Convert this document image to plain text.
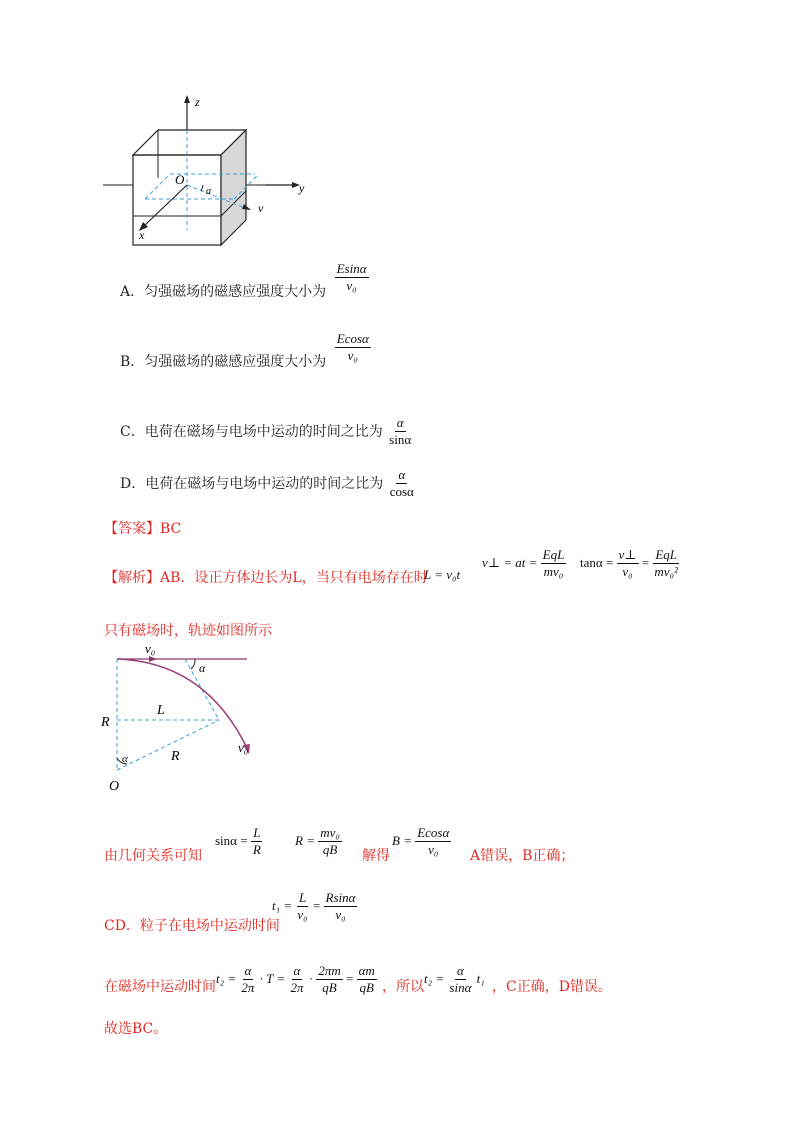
z
y
x
O
v
α
A．匀强磁场的磁感应强度大小为 $\frac{Esin\alpha}{\text{v₀}}$
B．匀强磁场的磁感应强度大小为 $\frac{Ecos\alpha}{\text{v₀}}$
C．电荷在磁场与电场中运动的时间之比为 $\frac{\alpha}{\sin\alpha}$
D．电荷在磁场与电场中运动的时间之比为 $\frac{\alpha}{\cos\alpha}$
【答案】BC
【解析】AB．设正方体边长为L，当只有电场存在时
L = v₀t
v⊥ = at = $\frac{\text{EqL}}{\text{mv₀}}$ $\tan\alpha = \frac{v\perp}{\text{v₀}} = \frac{\text{EqL}}{\text{mv₀²}}$
只有磁场时，轨迹如图所示
v₀
α
R
L
R
v₀
α
O
由几何关系可知
$\sin\alpha = \frac{L}{R}$ $R = \frac{\text{mv₀}}{qB}$ 解得
$B = \frac{Ecos\alpha}{\text{v₀}}$ A错误，B正确；
CD．粒子在电场中运动时间
$t_1 = \frac{L}{\text{v₀}} = \frac{Rsin\alpha}{\text{v₀}}$
在磁场中运动时间
$t_2 = \frac{\alpha}{2\pi} \cdot T = \frac{\alpha}{2\pi} \cdot \frac{2\pi m}{qB} = \frac{\alpha m}{qB}$ ，所以
$t_2 = \frac{\alpha}{\sin\alpha} t_1$
，C正确，D错误。
故选BC。
